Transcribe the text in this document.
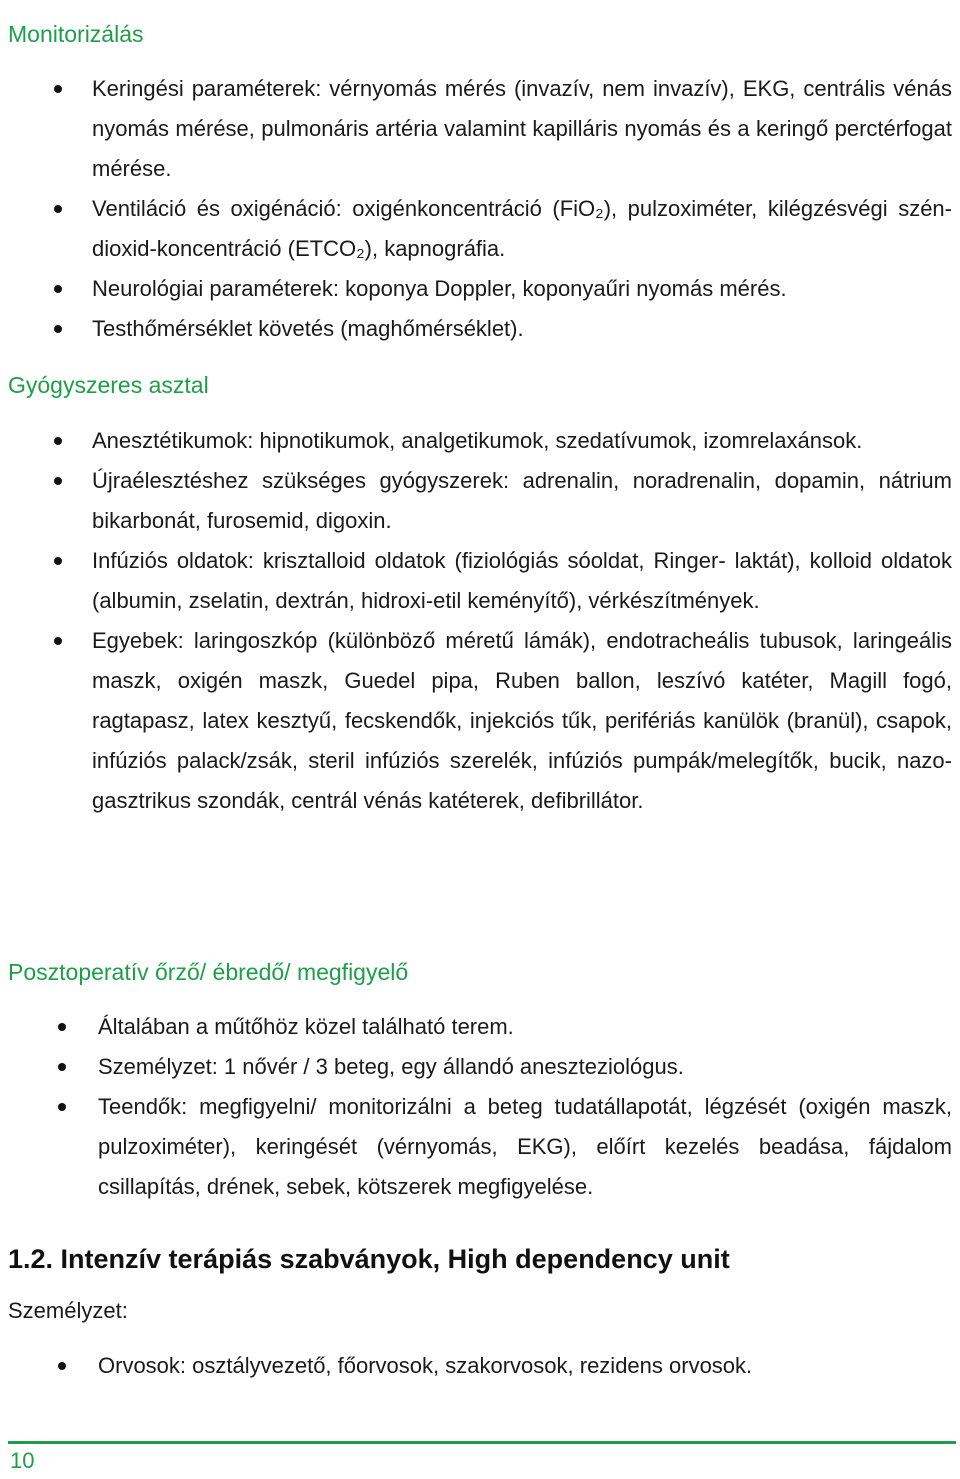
Monitorizálás
Keringési paraméterek: vérnyomás mérés (invazív, nem invazív), EKG, centrális vénás nyomás mérése, pulmonáris artéria valamint kapilláris nyomás és a keringő perctérfogat mérése.
Ventiláció és oxigénáció: oxigénkoncentráció (FiO₂), pulzoximéter, kilégzésvégi szén-dioxid-koncentráció (ETCO₂), kapnográfia.
Neurológiai paraméterek: koponya Doppler, koponyaűri nyomás mérés.
Testhőmérséklet követés (maghőmérséklet).
Gyógyszeres asztal
Anesztétikumok: hipnotikumok, analgetikumok, szedatívumok, izomrelaxánsok.
Újraélesztéshez szükséges gyógyszerek: adrenalin, noradrenalin, dopamin, nátrium bikarbonát, furosemid, digoxin.
Infúziós oldatok: krisztalloid oldatok (fiziológiás sóoldat, Ringer- laktát), kolloid oldatok (albumin, zselatin, dextrán, hidroxi-etil keményítő), vérkészítmények.
Egyebek: laringoszkóp (különböző méretű lámák), endotracheális tubusok, laringeális maszk, oxigén maszk, Guedel pipa, Ruben ballon, leszívó katéter, Magill fogó, ragtapasz, latex kesztyű, fecskendők, injekciós tűk, perifériás kanülök (branül), csapok, infúziós palack/zsák, steril infúziós szerelék, infúziós pumpák/melegítők, bucik, nazo-gasztrikus szondák, centrál vénás katéterek, defibrillátor.
Posztoperatív őrző/ ébredő/ megfigyelő
Általában a műtőhöz közel található terem.
Személyzet: 1 nővér / 3 beteg, egy állandó aneszteziológus.
Teendők: megfigyelni/ monitorizálni a beteg tudatállapotát, légzését (oxigén maszk, pulzoximéter), keringését (vérnyomás, EKG), előírt kezelés beadása, fájdalom csillapítás, drének, sebek, kötszerek megfigyelése.
1.2. Intenzív terápiás szabványok, High dependency unit

Személyzet:

Orvosok: osztályvezető, főorvosok, szakorvosok, rezidens orvosok.
10
